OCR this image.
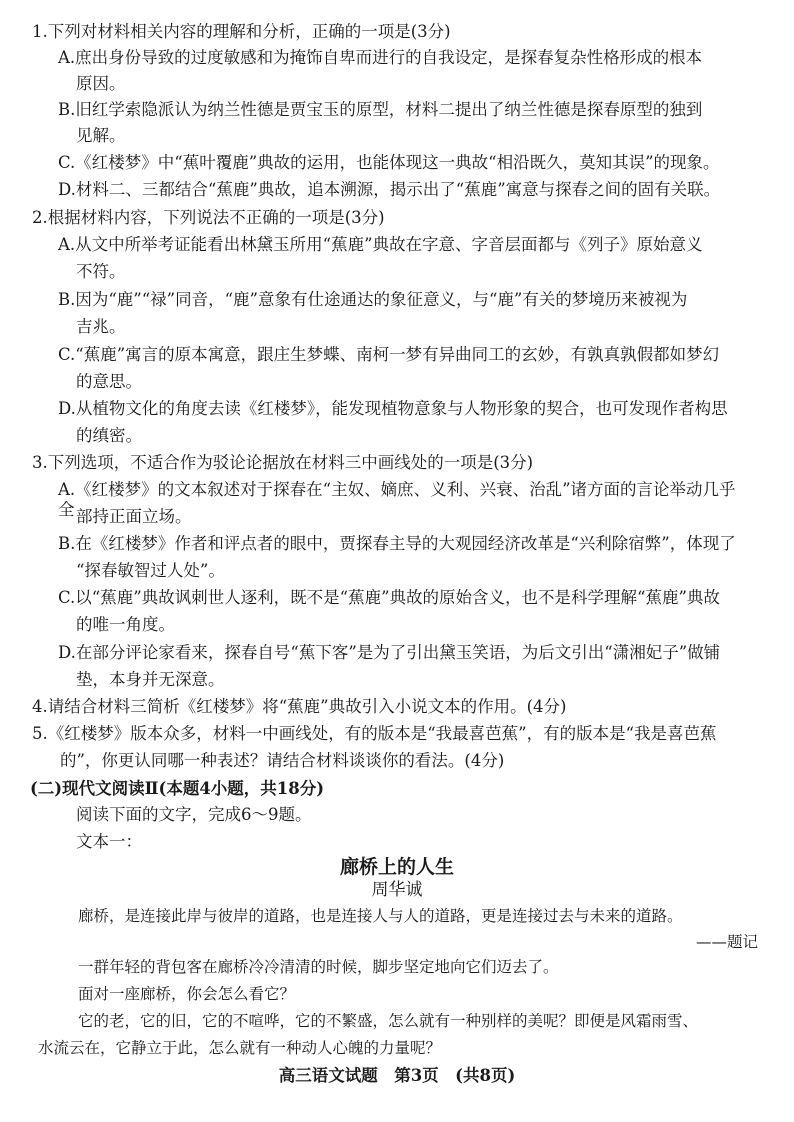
1.下列对材料相关内容的理解和分析，正确的一项是(3分)
A.庶出身份导致的过度敏感和为掩饰自卑而进行的自我设定，是探春复杂性格形成的根本
原因。
B.旧红学索隐派认为纳兰性德是贾宝玉的原型，材料二提出了纳兰性德是探春原型的独到
见解。
C.《红楼梦》中“蕉叶覆鹿”典故的运用，也能体现这一典故“相沿既久，莫知其误”的现象。
D.材料二、三都结合“蕉鹿”典故，追本溯源，揭示出了“蕉鹿”寓意与探春之间的固有关联。
2.根据材料内容，下列说法不正确的一项是(3分)
A.从文中所举考证能看出林黛玉所用“蕉鹿”典故在字意、字音层面都与《列子》原始意义
不符。
B.因为“鹿”“禄”同音，“鹿”意象有仕途通达的象征意义，与“鹿”有关的梦境历来被视为
吉兆。
C.“蕉鹿”寓言的原本寓意，跟庄生梦蝶、南柯一梦有异曲同工的玄妙，有孰真孰假都如梦幻
的意思。
D.从植物文化的角度去读《红楼梦》，能发现植物意象与人物形象的契合，也可发现作者构思
的缜密。
3.下列选项，不适合作为驳论论据放在材料三中画线处的一项是(3分)
A.《红楼梦》的文本叙述对于探春在“主奴、嫡庶、义利、兴衰、治乱”诸方面的言论举动几乎全 部持正面立场。
B.在《红楼梦》作者和评点者的眼中，贾探春主导的大观园经济改革是“兴利除宿弊”，体现了
“探春敏智过人处”。
C.以“蕉鹿”典故讽刺世人逐利，既不是“蕉鹿”典故的原始含义，也不是科学理解“蕉鹿”典故
的唯一角度。
D.在部分评论家看来，探春自号“蕉下客”是为了引出黛玉笑语，为后文引出“潇湘妃子”做铺
垫，本身并无深意。
4.请结合材料三简析《红楼梦》将“蕉鹿”典故引入小说文本的作用。(4分)
5.《红楼梦》版本众多，材料一中画线处，有的版本是“我最喜芭蕉”，有的版本是“我是喜芭蕉
的”，你更认同哪一种表述？请结合材料谈谈你的看法。(4分)
(二)现代文阅读Ⅱ(本题4小题，共18分)
阅读下面的文字，完成6～9题。
文本一：
廊桥上的人生
周华诚
廊桥，是连接此岸与彼岸的道路，也是连接人与人的道路，更是连接过去与未来的道路。
——题记
一群年轻的背包客在廊桥冷冷清清的时候，脚步坚定地向它们迈去了。
面对一座廊桥，你会怎么看它？
它的老，它的旧，它的不喧哗，它的不繁盛，怎么就有一种别样的美呢？即便是风霜雨雪、
水流云在，它静立于此，怎么就有一种动人心魄的力量呢？
高三语文试题　第3页　(共8页)
